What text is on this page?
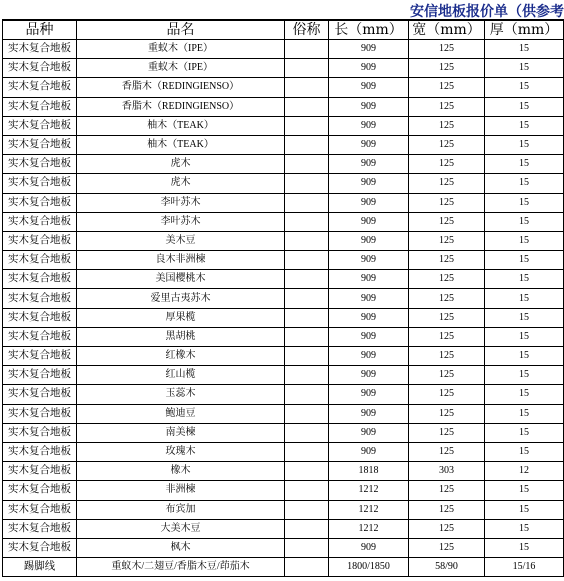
安信地板报价单（供参考
品种	品名	俗称	长（mm）	宽（mm）	厚（mm）
实木复合地板	重蚁木（IPE）		909	125	15
实木复合地板	重蚁木（IPE）		909	125	15
实木复合地板	香脂木（REDINGIENSO）		909	125	15
实木复合地板	香脂木（REDINGIENSO）		909	125	15
实木复合地板	柚木（TEAK）		909	125	15
实木复合地板	柚木（TEAK）		909	125	15
实木复合地板	虎木		909	125	15
实木复合地板	虎木		909	125	15
实木复合地板	李叶苏木		909	125	15
实木复合地板	李叶苏木		909	125	15
实木复合地板	美木豆		909	125	15
实木复合地板	良木非洲楝		909	125	15
实木复合地板	美国樱桃木		909	125	15
实木复合地板	爱里古夷苏木		909	125	15
实木复合地板	厚果榄		909	125	15
实木复合地板	黑胡桃		909	125	15
实木复合地板	红橡木		909	125	15
实木复合地板	红山榄		909	125	15
实木复合地板	玉蕊木		909	125	15
实木复合地板	鲍迪豆		909	125	15
实木复合地板	南美楝		909	125	15
实木复合地板	玫瑰木		909	125	15
实木复合地板	橡木		1818	303	12
实木复合地板	非洲楝		1212	125	15
实木复合地板	布宾加		1212	125	15
实木复合地板	大美木豆		1212	125	15
实木复合地板	枫木		909	125	15
踢脚线	重蚁木/二翅豆/香脂木豆/茚茄木		1800/1850	58/90	15/16
